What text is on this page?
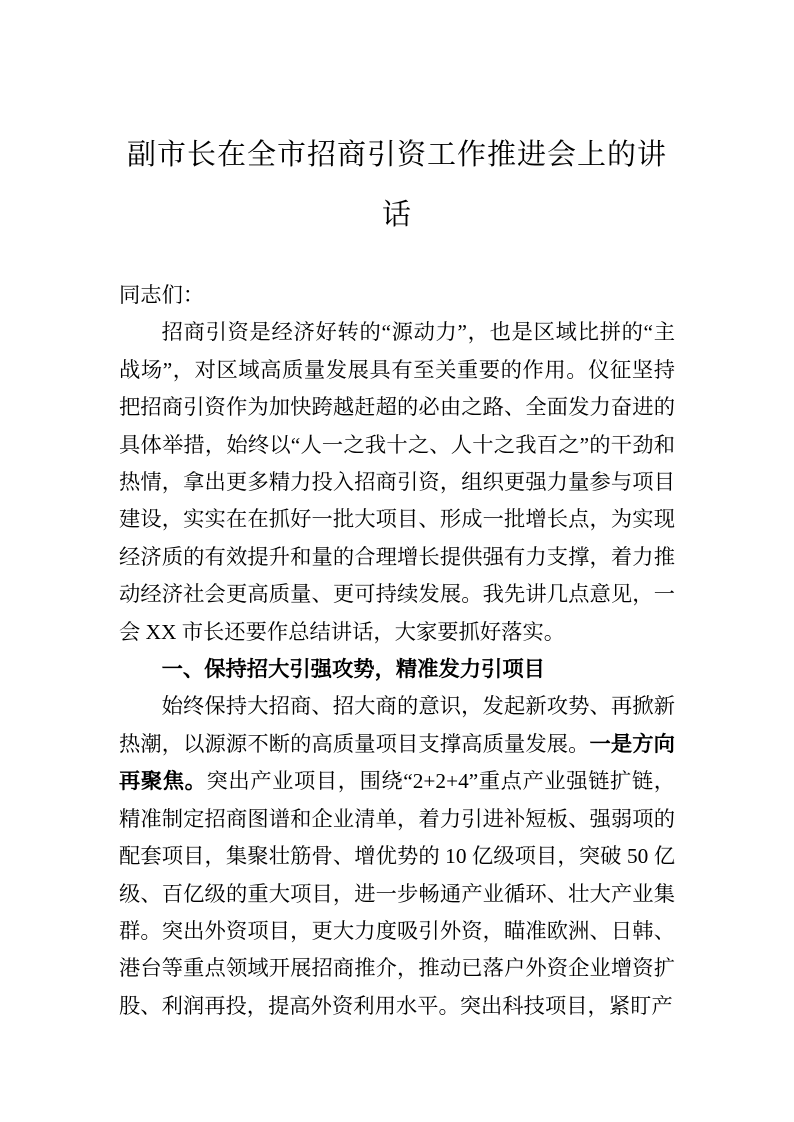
副市长在全市招商引资工作推进会上的讲话

同志们：

招商引资是经济好转的“源动力”，也是区域比拼的“主战场”，对区域高质量发展具有至关重要的作用。仪征坚持把招商引资作为加快跨越赶超的必由之路、全面发力奋进的具体举措，始终以“人一之我十之、人十之我百之”的干劲和热情，拿出更多精力投入招商引资，组织更强力量参与项目建设，实实在在抓好一批大项目、形成一批增长点，为实现经济质的有效提升和量的合理增长提供强有力支撑，着力推动经济社会更高质量、更可持续发展。我先讲几点意见，一会 XX 市长还要作总结讲话，大家要抓好落实。

一、保持招大引强攻势，精准发力引项目

始终保持大招商、招大商的意识，发起新攻势、再掀新热潮，以源源不断的高质量项目支撑高质量发展。一是方向再聚焦。突出产业项目，围绕“2+2+4”重点产业强链扩链，精准制定招商图谱和企业清单，着力引进补短板、强弱项的配套项目，集聚壮筋骨、增优势的 10 亿级项目，突破 50 亿级、百亿级的重大项目，进一步畅通产业循环、壮大产业集群。突出外资项目，更大力度吸引外资，瞄准欧洲、日韩、 港台等重点领域开展招商推介，推动已落户外资企业增资扩股、利润再投，提高外资利用水平。突出科技项目，紧盯产
